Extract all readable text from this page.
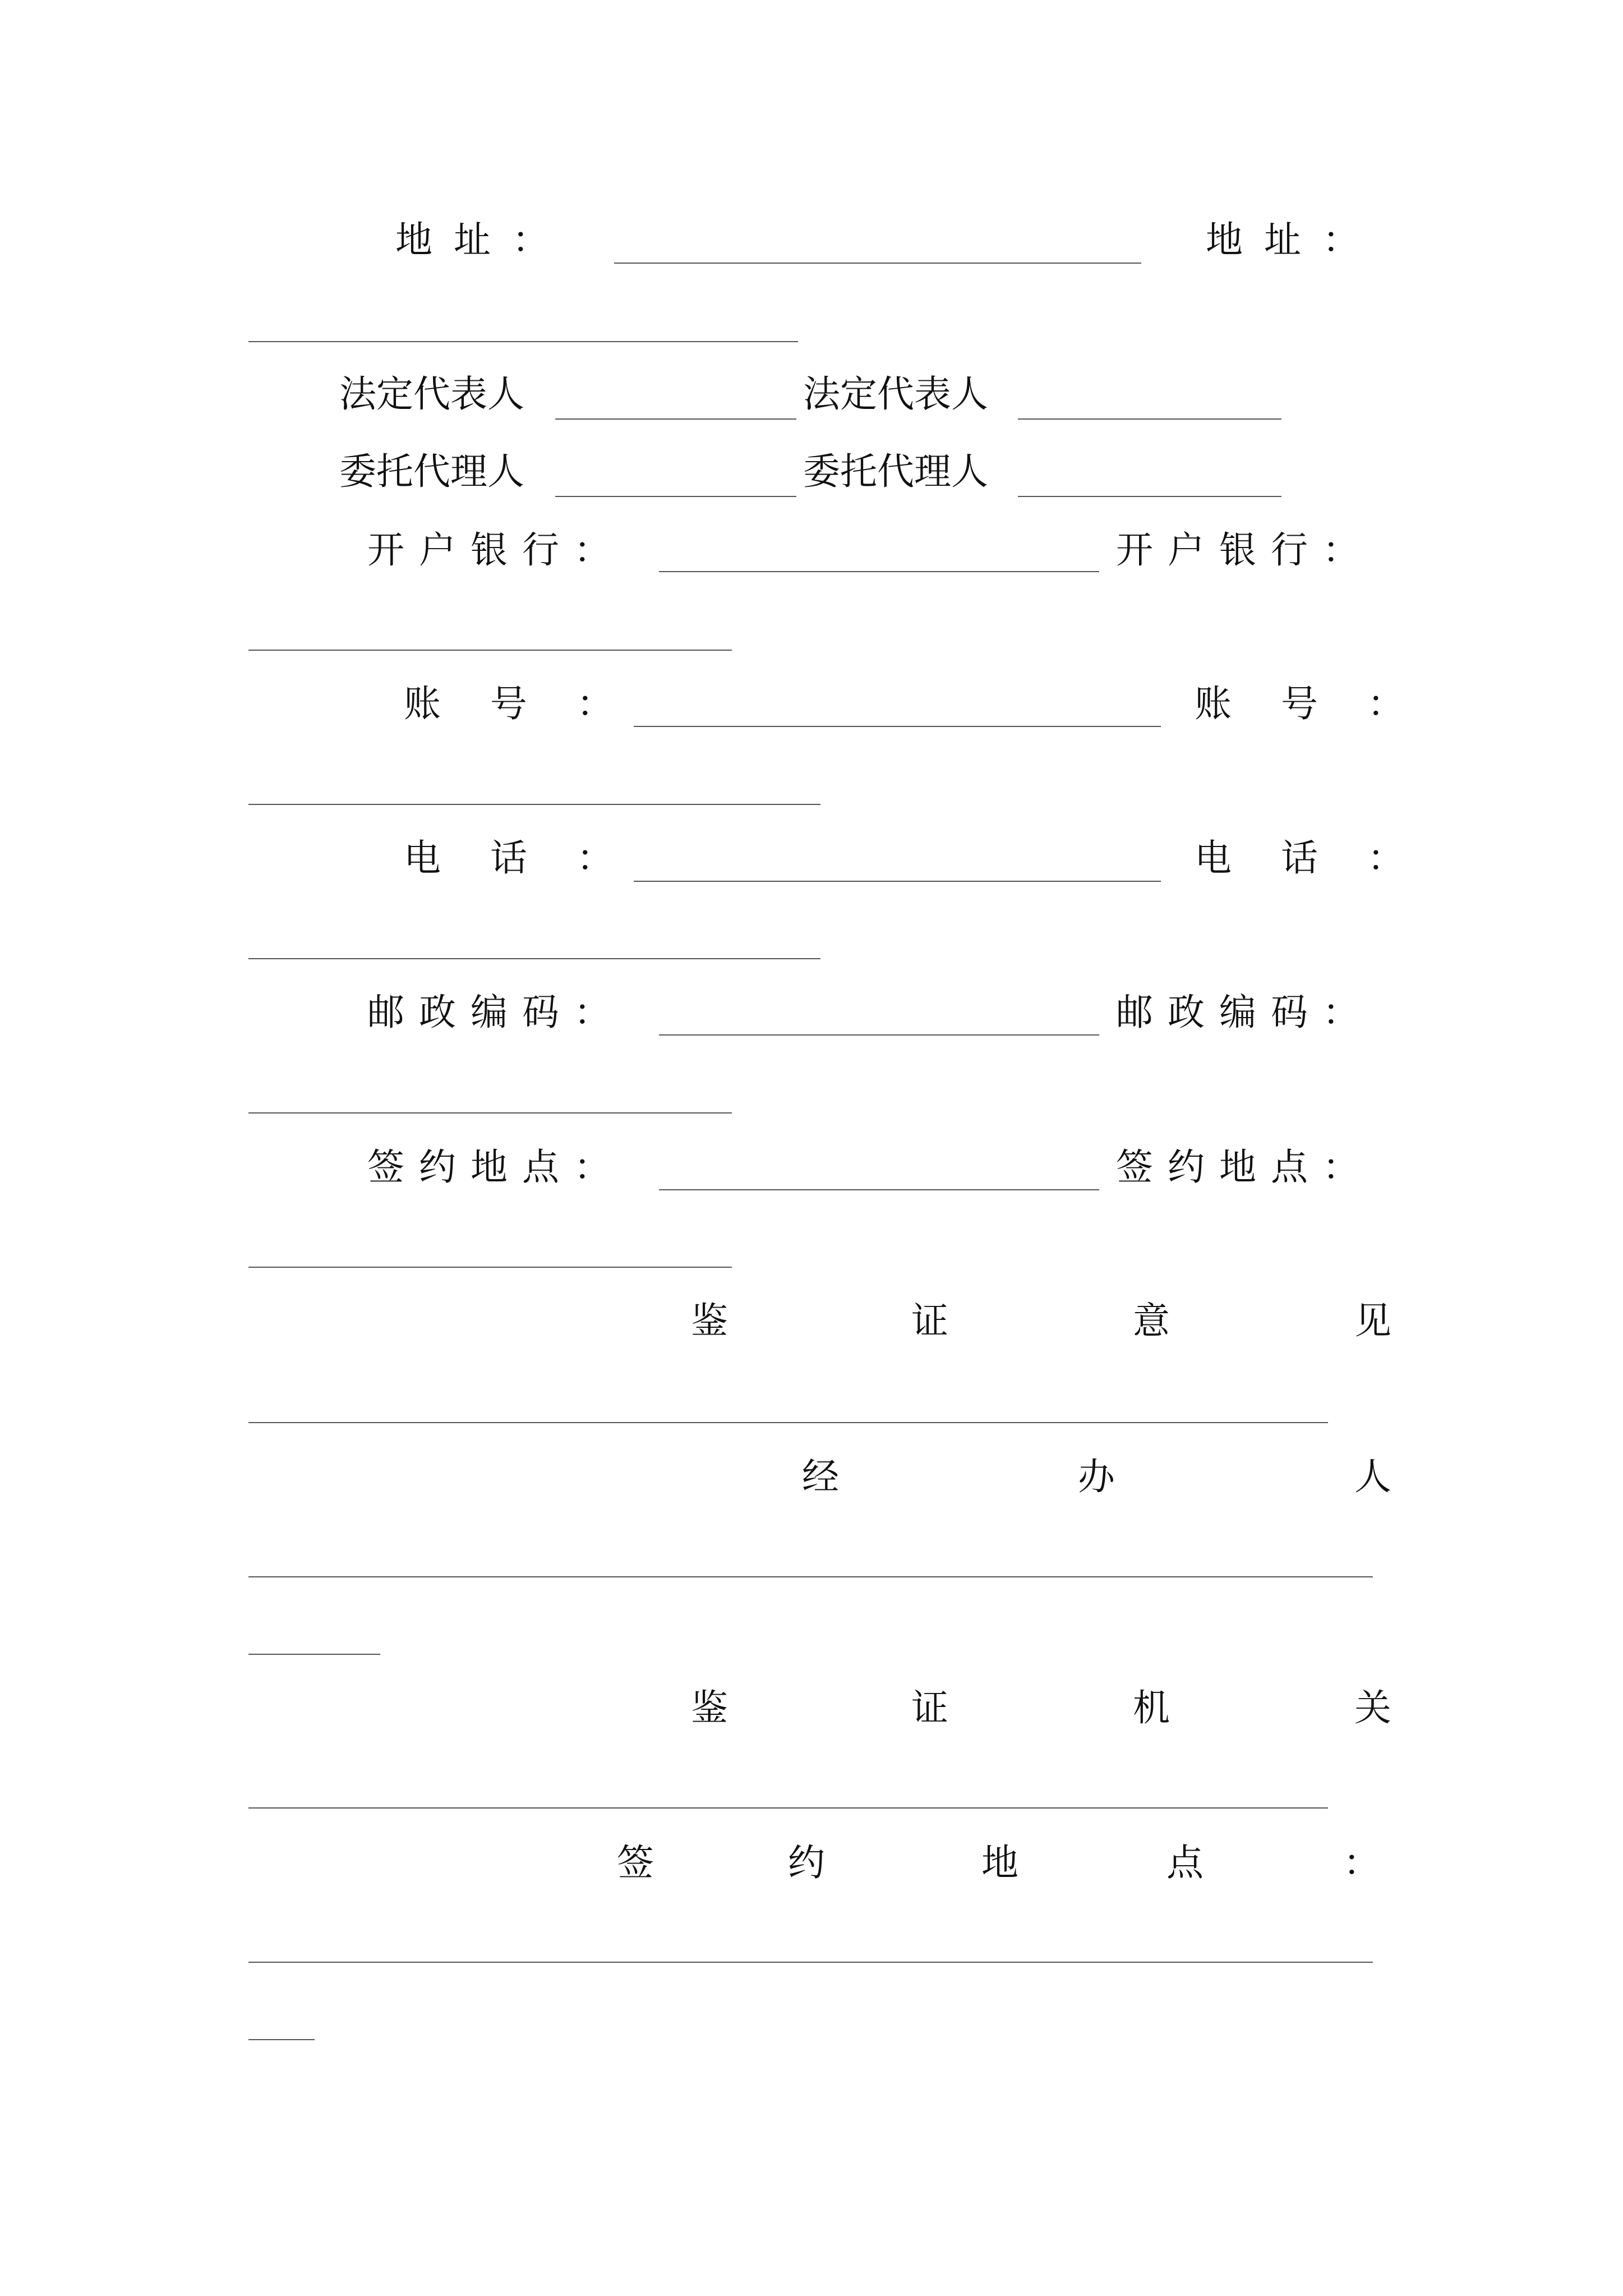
地址：	地址：
法定代表人	法定代表人
委托代理人	委托代理人
开户银行：	开户银行：
账号：	账号：
电话：	电话：
邮政编码：	邮政编码：
签约地点：	签约地点：
鉴	证	意	见
经	办	人
鉴	证	机	关
签	约	地	点	：
